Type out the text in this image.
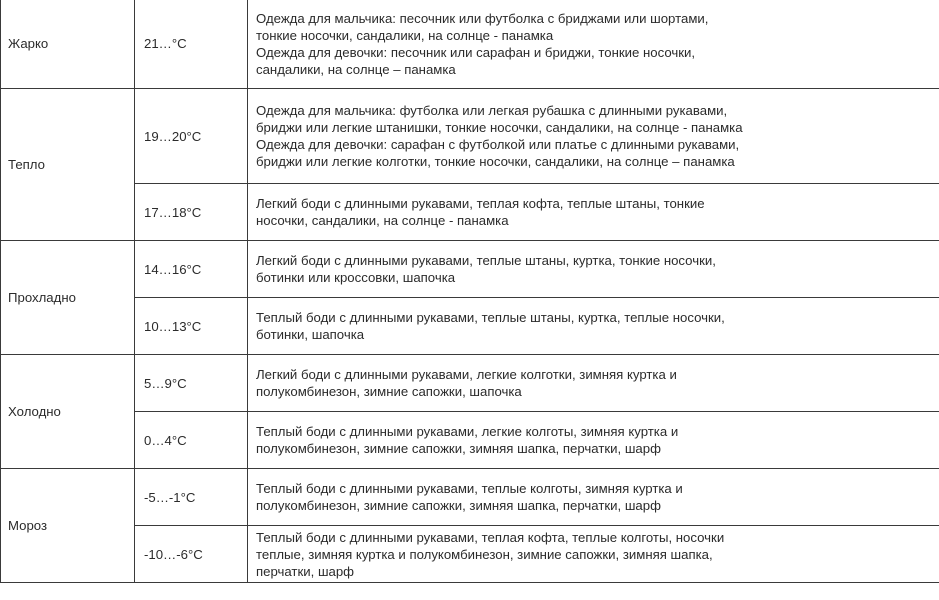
Жарко	21…°С	Одежда для мальчика: песочник или футболка с бриджами или шортами,
тонкие носочки, сандалики, на солнце - панамка
Одежда для девочки: песочник или сарафан и бриджи, тонкие носочки,
сандалики, на солнце – панамка

Тепло	19…20°С	Одежда для мальчика: футболка или легкая рубашка с длинными рукавами,
бриджи или легкие штанишки, тонкие носочки, сандалики, на солнце - панамка
Одежда для девочки: сарафан с футболкой или платье с длинными рукавами,
бриджи или легкие колготки, тонкие носочки, сандалики, на солнце – панамка

	17…18°С	Легкий боди с длинными рукавами, теплая кофта, теплые штаны, тонкие
носочки, сандалики, на солнце - панамка

Прохладно	14…16°С	Легкий боди с длинными рукавами, теплые штаны, куртка, тонкие носочки,
ботинки или кроссовки, шапочка

	10…13°С	Теплый боди с длинными рукавами, теплые штаны, куртка, теплые носочки,
ботинки, шапочка

Холодно	5…9°С	Легкий боди с длинными рукавами, легкие колготки, зимняя куртка и
полукомбинезон, зимние сапожки, шапочка

	0…4°С	Теплый боди с длинными рукавами, легкие колготы, зимняя куртка и
полукомбинезон, зимние сапожки, зимняя шапка, перчатки, шарф

Мороз	-5…-1°С	Теплый боди с длинными рукавами, теплые колготы, зимняя куртка и
полукомбинезон, зимние сапожки, зимняя шапка, перчатки, шарф

	-10…-6°С	Теплый боди с длинными рукавами, теплая кофта, теплые колготы, носочки
теплые, зимняя куртка и полукомбинезон, зимние сапожки, зимняя шапка,
перчатки, шарф
